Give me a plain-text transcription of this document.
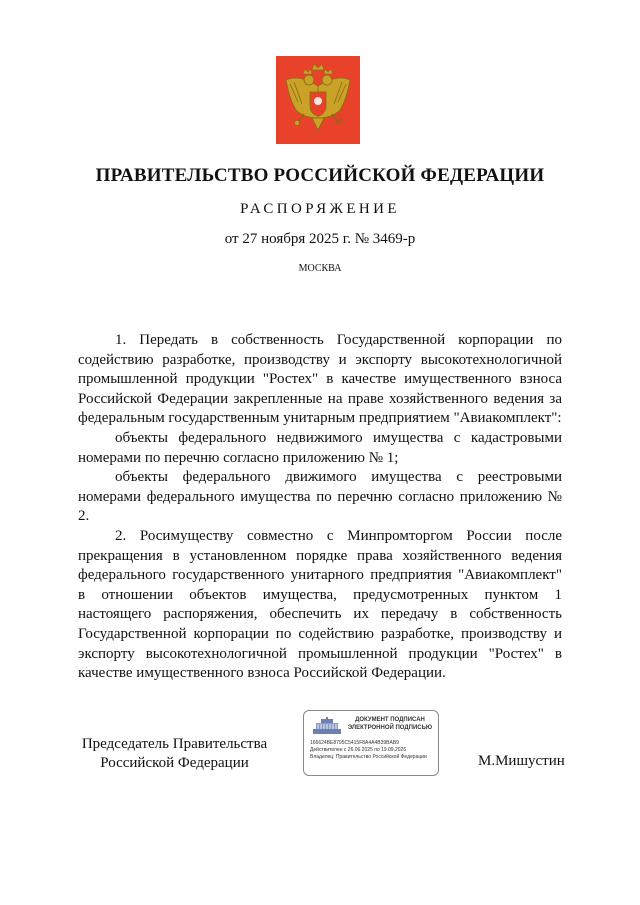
ПРАВИТЕЛЬСТВО РОССИЙСКОЙ ФЕДЕРАЦИИ
РАСПОРЯЖЕНИЕ
от 27 ноября 2025 г. № 3469-р
МОСКВА

1. Передать в собственность Государственной корпорации по содействию разработке, производству и экспорту высокотехнологичной промышленной продукции "Ростех" в качестве имущественного взноса Российской Федерации закрепленные на праве хозяйственного ведения за федеральным государственным унитарным предприятием "Авиакомплект":

объекты федерального недвижимого имущества с кадастровыми номерами по перечню согласно приложению № 1;

объекты федерального движимого имущества с реестровыми номерами федерального имущества по перечню согласно приложению № 2.

2. Росимуществу совместно с Минпромторгом России после прекращения в установленном порядке права хозяйственного ведения федерального государственного унитарного предприятия "Авиакомплект" в отношении объектов имущества, предусмотренных пунктом 1 настоящего распоряжения, обеспечить их передачу в собственность Государственной корпорации по содействию разработке, производству и экспорту высокотехнологичной промышленной продукции "Ростех" в качестве имущественного взноса Российской Федерации.

Председатель Правительства
Российской Федерации
ДОКУМЕНТ ПОДПИСАН
ЭЛЕКТРОННОЙ ПОДПИСЬЮ
166624BE8795C5415F8A4A4B39BAB9
Действителен с 26.06.2025 по 19.09.2026
Владелец: Правительство Российской Федерации	М.Мишустин
